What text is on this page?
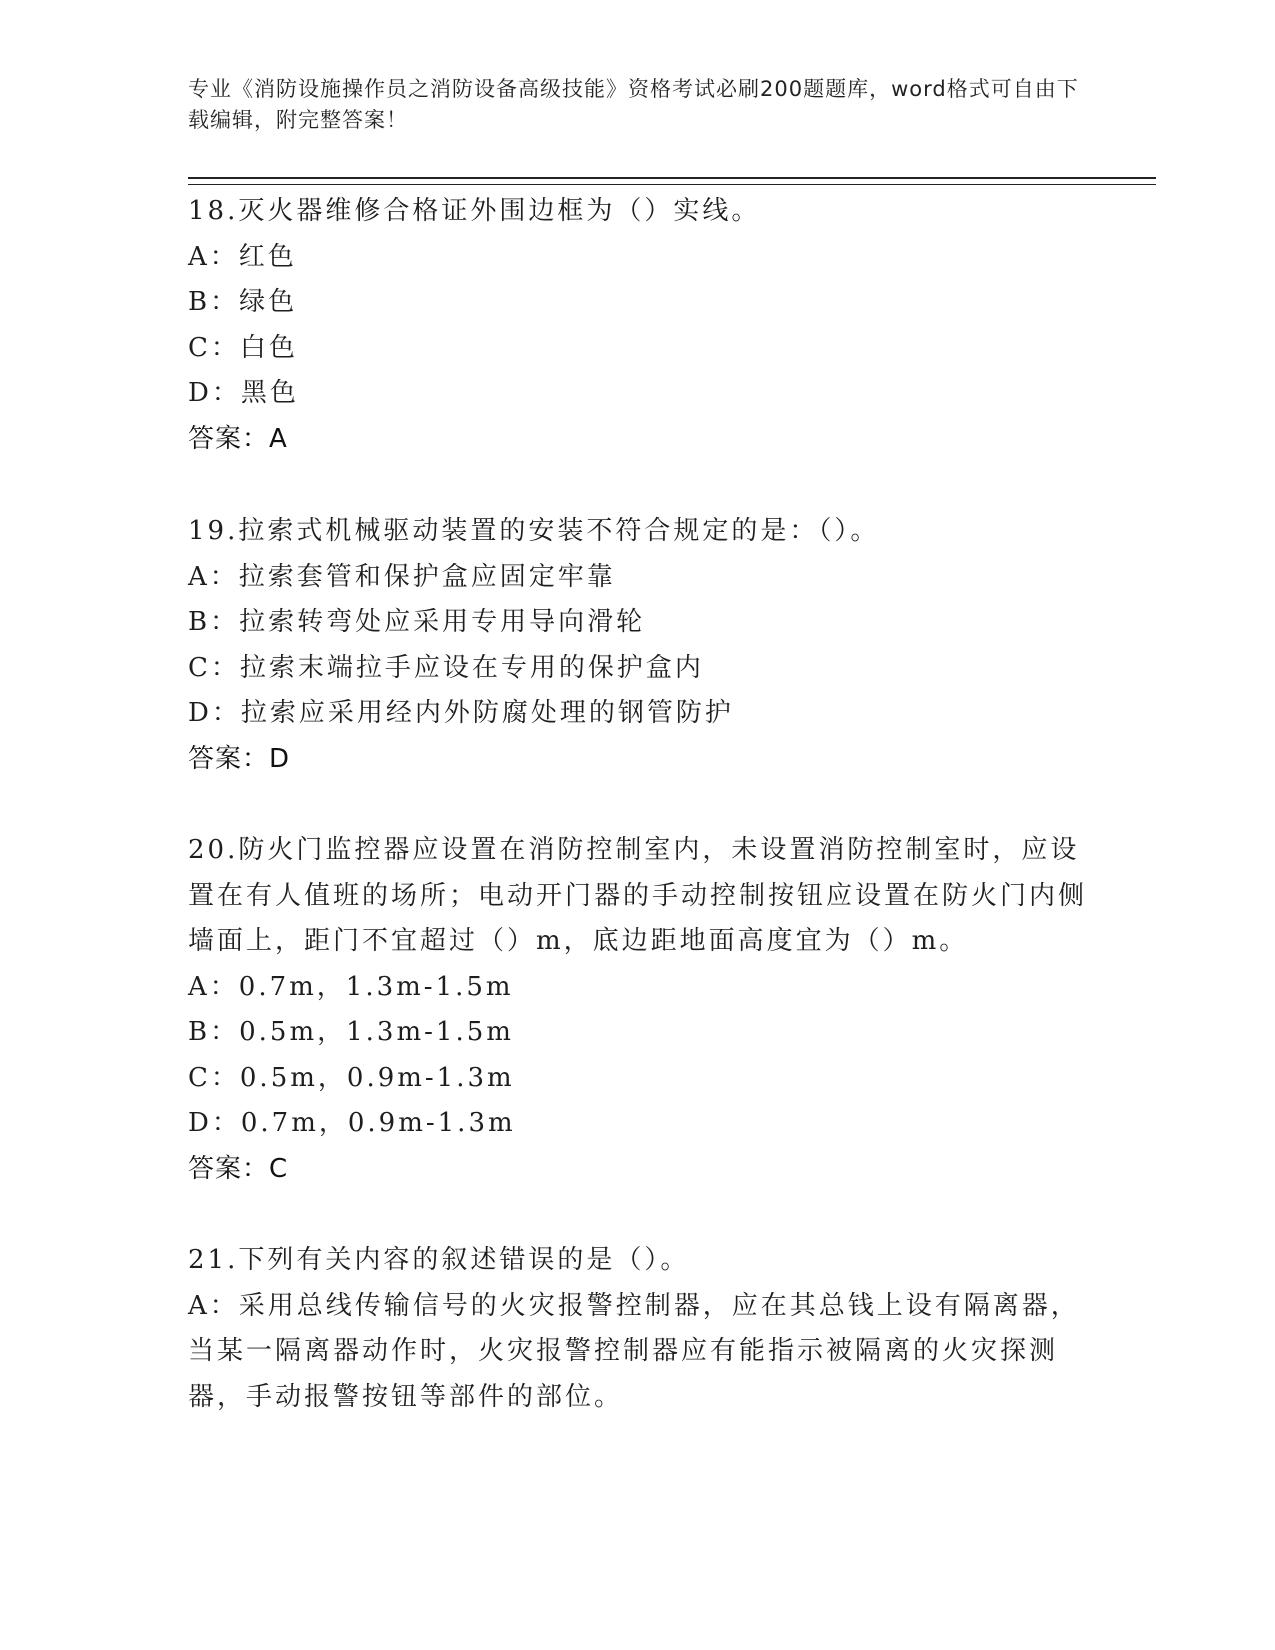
专业《消防设施操作员之消防设备高级技能》资格考试必刷200题题库，word格式可自由下载编辑，附完整答案！

18.灭火器维修合格证外围边框为（）实线。

A：红色

B：绿色

C：白色

D：黑色

答案：A

19.拉索式机械驱动装置的安装不符合规定的是：（）。

A：拉索套管和保护盒应固定牢靠

B：拉索转弯处应采用专用导向滑轮

C：拉索末端拉手应设在专用的保护盒内

D：拉索应采用经内外防腐处理的钢管防护

答案：D

20.防火门监控器应设置在消防控制室内，未设置消防控制室时，应设置在有人值班的场所；电动开门器的手动控制按钮应设置在防火门内侧墙面上，距门不宜超过（）m，底边距地面高度宜为（）m。

A：0.7m，1.3m-1.5m

B：0.5m，1.3m-1.5m

C：0.5m，0.9m-1.3m

D：0.7m，0.9m-1.3m

答案：C

21.下列有关内容的叙述错误的是（）。

A：采用总线传输信号的火灾报警控制器，应在其总钱上设有隔离器，当某一隔离器动作时，火灾报警控制器应有能指示被隔离的火灾探测器，手动报警按钮等部件的部位。
